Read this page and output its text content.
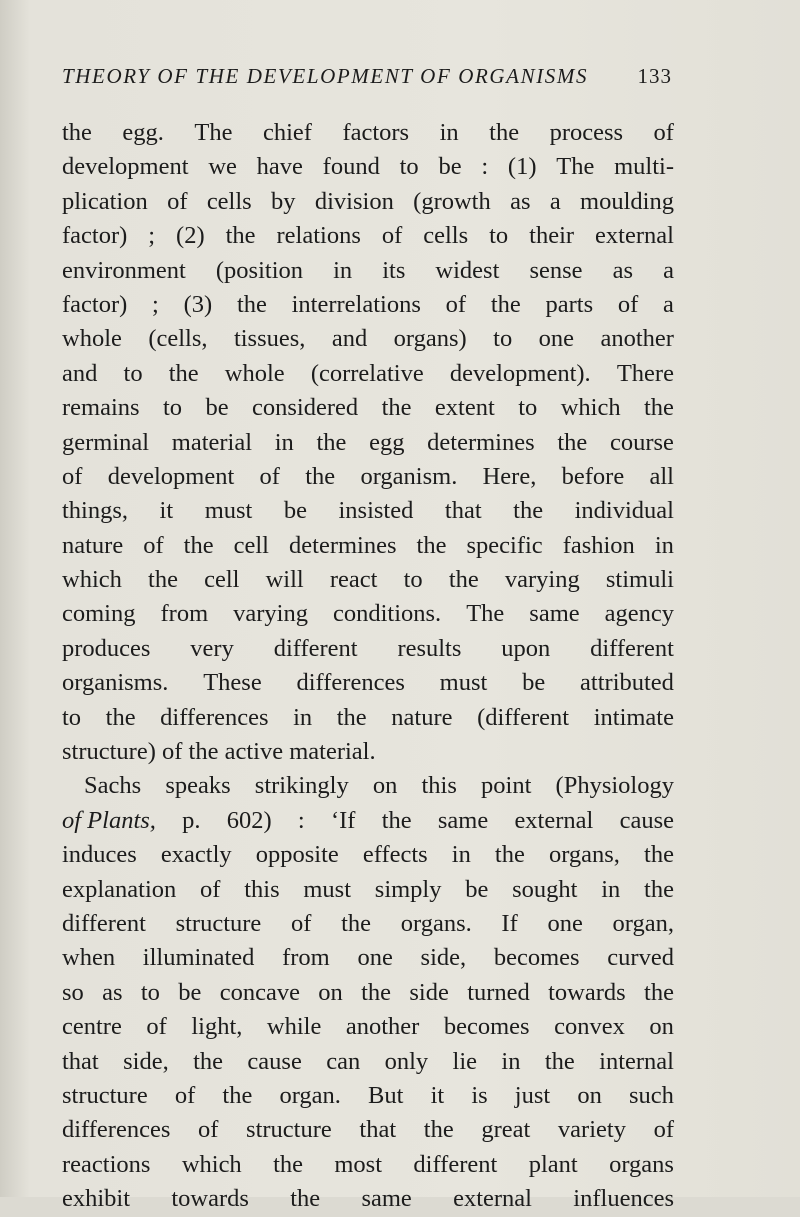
THEORY OF THE DEVELOPMENT OF ORGANISMS 133
the egg. The chief factors in the process of
development we have found to be : (1) The multi-
plication of cells by division (growth as a moulding
factor) ; (2) the relations of cells to their external
environment (position in its widest sense as a
factor) ; (3) the interrelations of the parts of a
whole (cells, tissues, and organs) to one another
and to the whole (correlative development). There
remains to be considered the extent to which the
germinal material in the egg determines the course
of development of the organism. Here, before all
things, it must be insisted that the individual
nature of the cell determines the specific fashion in
which the cell will react to the varying stimuli
coming from varying conditions. The same agency
produces very different results upon different
organisms. These differences must be attributed
to the differences in the nature (different intimate
structure)
of
the
active
material.
Sachs speaks strikingly on this point (Physiology
of Plants, p. 602) : ‘If the same external cause
induces exactly opposite effects in the organs, the
explanation of this must simply be sought in the
different structure of the organs. If one organ,
when illuminated from one side, becomes curved
so as to be concave on the side turned towards the
centre of light, while another becomes convex on
that side, the cause can only lie in the internal
structure of the organ. But it is just on such
differences of structure that the great variety of
reactions which the most different plant organs
exhibit towards the same external influences
